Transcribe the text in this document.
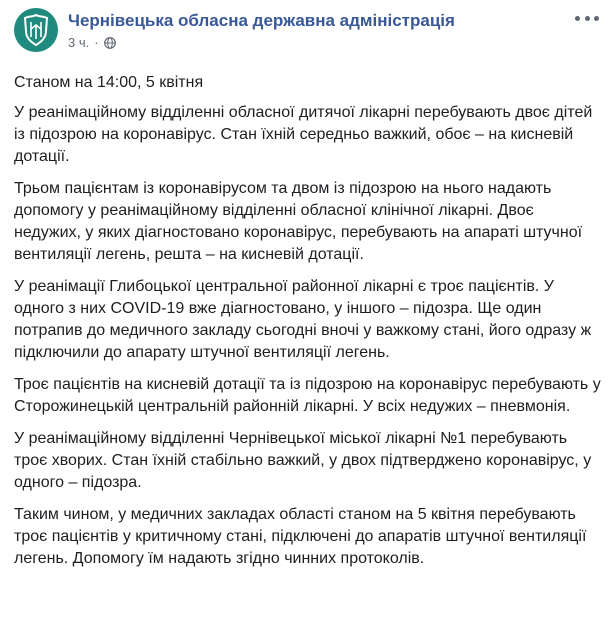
Чернівецька обласна державна адміністрація
3 ч. ·

Станом на 14:00, 5 квітня

У реанімаційному відділенні обласної дитячої лікарні перебувають двоє дітей із підозрою на коронавірус. Стан їхній середньо важкий, обоє – на кисневій дотації.

Трьом пацієнтам із коронавірусом та двом із підозрою на нього надають допомогу у реанімаційному відділенні обласної клінічної лікарні. Двоє недужих, у яких діагностовано коронавірус, перебувають на апараті штучної вентиляції легень, решта – на кисневій дотації.

У реанімації Глибоцької центральної районної лікарні є троє пацієнтів. У одного з них COVID-19 вже діагностовано, у іншого – підозра. Ще один потрапив до медичного закладу сьогодні вночі у важкому стані, його одразу ж підключили до апарату штучної вентиляції легень.

Троє пацієнтів на кисневій дотації та із підозрою на коронавірус перебувають у Сторожинецькій центральній районній лікарні. У всіх недужих – пневмонія.

У реанімаційному відділенні Чернівецької міської лікарні №1 перебувають троє хворих. Стан їхній стабільно важкий, у двох підтверджено коронавірус, у одного – підозра.

Таким чином, у медичних закладах області станом на 5 квітня перебувають троє пацієнтів у критичному стані, підключені до апаратів штучної вентиляції легень. Допомогу їм надають згідно чинних протоколів.
